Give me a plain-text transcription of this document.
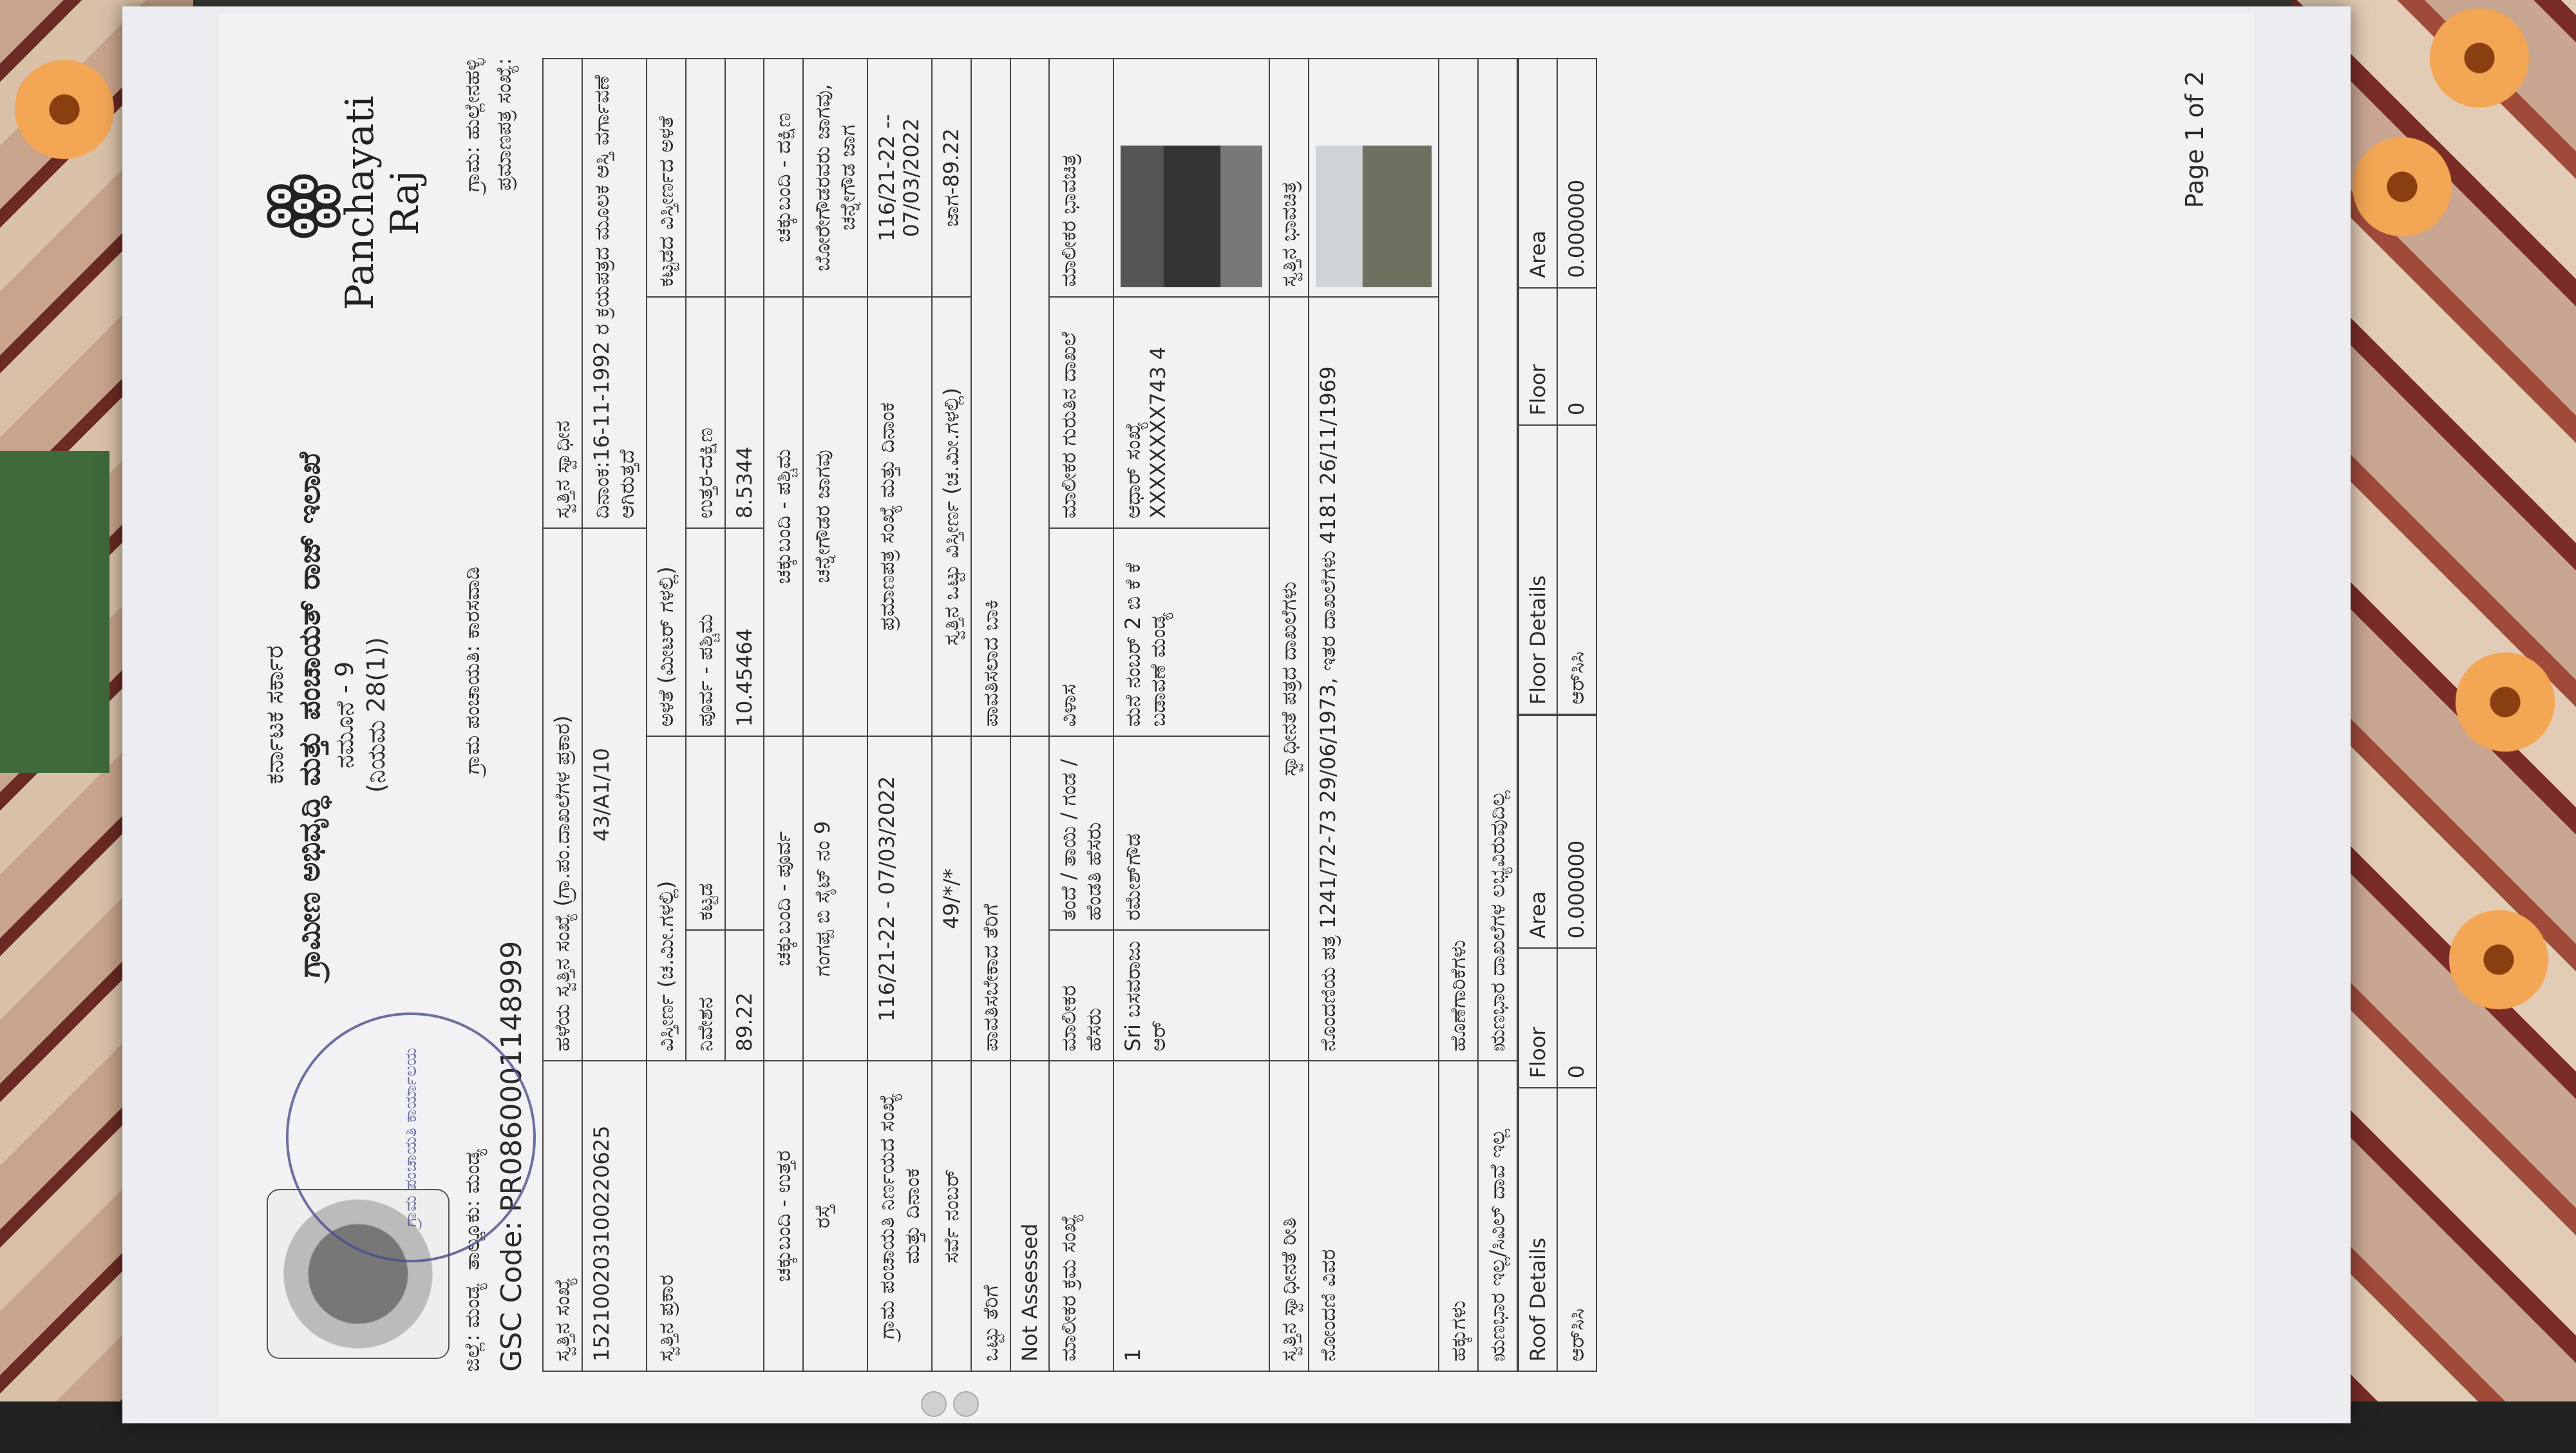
ಗ್ರಾಮ ಪಂಚಾಯತಿ ಕಾರ್ಯಾಲಯ
ꙮ
Panchayati Raj
ಕರ್ನಾಟಕ ಸರ್ಕಾರ ಗ್ರಾಮೀಣ ಅಭಿವೃದ್ಧಿ ಮತ್ತು ಪಂಚಾಯತ್ ರಾಜ್ ಇಲಾಖೆ ನಮೂನೆ - 9 (ನಿಯಮ 28(1))
ಜಿಲ್ಲೆ: ಮಂಡ್ಯ  ತಾಲ್ಲೂಕು: ಮಂಡ್ಯ
ಗ್ರಾಮ ಪಂಚಾಯತಿ: ಕಾರಸವಾಡಿ
ಗ್ರಾಮ: ಹುಲ್ಲೇನಹಳ್ಳಿ
GSC Code: PR0860001148999
ಪ್ರಮಾಣಪತ್ರ ಸಂಖ್ಯೆ:
ಸ್ವತ್ತಿನ ಸಂಖ್ಯೆ	ಹಳೆಯ ಸ್ವತ್ತಿನ ಸಂಖ್ಯೆ (ಗ್ರಾ.ಪಂ.ದಾಖಲೆಗಳ ಪ್ರಕಾರ)			ಸ್ವತ್ತಿನ ಸ್ವಾಧೀನ	
152100203100220625	43/A1/10			ದಿನಾಂಕ:16-11-1992 ರ ಕ್ರಯಪತ್ರದ ಮೂಲಕ ಆಸ್ತಿ ವರ್ಗಾವಣೆ ಆಗಿರುತ್ತದೆ	
ಸ್ವತ್ತಿನ ಪ್ರಕಾರ	ವಿಸ್ತೀರ್ಣ (ಚ.ಮೀ.ಗಳಲ್ಲಿ)		ಅಳತೆ (ಮೀಟರ್ ಗಳಲ್ಲಿ)		ಕಟ್ಟಡದ ವಿಸ್ತೀರ್ಣದ ಅಳತೆ
	ನಿವೇಶನ	ಕಟ್ಟಡ	ಪೂರ್ವ - ಪಶ್ಚಿಮ	ಉತ್ತರ-ದಕ್ಷಿಣ	
	89.22		10.45464	8.5344	
ಚಕ್ಕುಬಂದಿ - ಉತ್ತರ	ಚಕ್ಕುಬಂದಿ - ಪೂರ್ವ		ಚಕ್ಕುಬಂದಿ - ಪಶ್ಚಿಮ		ಚಕ್ಕುಬಂದಿ - ದಕ್ಷಿಣ
ರಸ್ತೆ	ಗಂಗಪ್ಪ ಬಿ ಸೈಟ್ ನಂ 9		ಚನ್ನೇಗೌಡರ ಜಾಗವು		ಬೋರೇಗೌಡರವರು ಜಾಗವು, ಚನ್ನೇಗೌಡ ಜಾಗ
ಗ್ರಾಮ ಪಂಚಾಯತಿ ನಿರ್ಣಯದ ಸಂಖ್ಯೆ ಮತ್ತು ದಿನಾಂಕ	116/21-22 - 07/03/2022		ಪ್ರಮಾಣಪತ್ರ ಸಂಖ್ಯೆ ಮತ್ತು ದಿನಾಂಕ		116/21-22 -- 07/03/2022
ಸರ್ವೆ ನಂಬರ್	49/*/*		ಸ್ವತ್ತಿನ ಒಟ್ಟು ವಿಸ್ತೀರ್ಣ (ಚ.ಮೀ.ಗಳಲ್ಲಿ)		ಜಾಗ-89.22
ಒಟ್ಟು ತೆರಿಗೆ	ಪಾವತಿಸಬೇಕಾದ ತೆರಿಗೆ		ಪಾವತಿಸಲಾದ ಬಾಕಿ		
Not Assessed					
ಮಾಲೀಕರ ಕ್ರಮ ಸಂಖ್ಯೆ	ಮಾಲೀಕರ ಹೆಸರು	ತಂದೆ / ತಾಯಿ / ಗಂಡ / ಹೆಂಡತಿ ಹೆಸರು	ವಿಳಾಸ	ಮಾಲೀಕರ ಗುರುತಿನ ದಾಖಲೆ	ಮಾಲೀಕರ ಭಾವಚಿತ್ರ
1	Sri ಬಸವರಾಜು ಆರ್	ರಮೇಶ್‌ಗೌಡ	ಮನೆ ನಂಬರ್ 2 ಬಿ ಕೆ ಕೆ ಬಡಾವಣೆ ಮಂಡ್ಯ	ಆಧಾರ್ ಸಂಖ್ಯೆ XXXXXXXX743 4	

ಸ್ವತ್ತಿನ ಸ್ವಾಧೀನತೆ ರೀತಿ	ಸ್ವಾಧೀನತೆ ಪತ್ರದ ದಾಖಲೆಗಳು				ಸ್ವತ್ತಿನ ಭಾವಚಿತ್ರ
ನೋಂದಣಿ ವಿವರ	ನೊಂದಣಿಯ ಪತ್ರ 1241/72-73 29/06/1973, ಇತರ ದಾಖಲೆಗಳು 4181 26/11/1969				

ಹಕ್ಕುಗಳು	ಹೊಣೆಗಾರಿಕೆಗಳು				
ಋಣಭಾರ ಇಲ್ಲ/ಸಿವಿಲ್ ದಾವೆ ಇಲ್ಲ	ಋಣಭಾರ ದಾಖಲೆಗಳ ಲಭ್ಯವಿರುವುದಿಲ್ಲ				
Roof Details	Floor	Area
ಆರ್‌ಸಿಸಿ	0	0.000000
Floor Details	Floor	Area
ಆರ್‌ಸಿಸಿ	0	0.000000
Page 1 of 2
